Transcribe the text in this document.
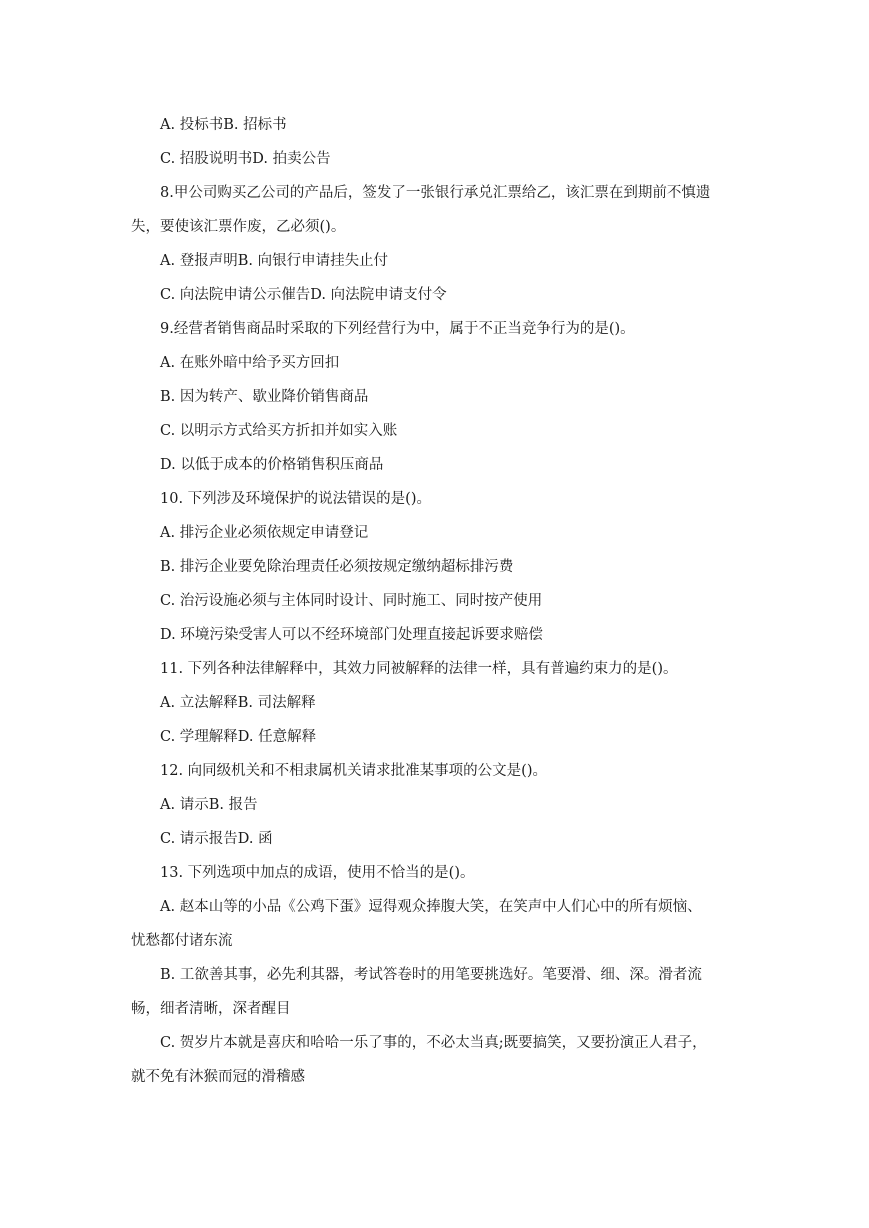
A. 投标书B. 招标书
C. 招股说明书D. 拍卖公告
8.甲公司购买乙公司的产品后，签发了一张银行承兑汇票给乙，该汇票在到期前不慎遗
失，要使该汇票作废，乙必须()。
A. 登报声明B. 向银行申请挂失止付
C. 向法院申请公示催告D. 向法院申请支付令
9.经营者销售商品时采取的下列经营行为中，属于不正当竞争行为的是()。
A. 在账外暗中给予买方回扣
B. 因为转产、歇业降价销售商品
C. 以明示方式给买方折扣并如实入账
D. 以低于成本的价格销售积压商品
10. 下列涉及环境保护的说法错误的是()。
A. 排污企业必须依规定申请登记
B. 排污企业要免除治理责任必须按规定缴纳超标排污费
C. 治污设施必须与主体同时设计、同时施工、同时按产使用
D. 环境污染受害人可以不经环境部门处理直接起诉要求赔偿
11. 下列各种法律解释中，其效力同被解释的法律一样，具有普遍约束力的是()。
A. 立法解释B. 司法解释
C. 学理解释D. 任意解释
12. 向同级机关和不相隶属机关请求批准某事项的公文是()。
A. 请示B. 报告
C. 请示报告D. 函
13. 下列选项中加点的成语，使用不恰当的是()。
A. 赵本山等的小品《公鸡下蛋》逗得观众捧腹大笑，在笑声中人们心中的所有烦恼、
忧愁都付诸东流
B. 工欲善其事，必先利其器，考试答卷时的用笔要挑选好。笔要滑、细、深。滑者流
畅，细者清晰，深者醒目
C. 贺岁片本就是喜庆和哈哈一乐了事的，不必太当真;既要搞笑，又要扮演正人君子，
就不免有沐猴而冠的滑稽感
